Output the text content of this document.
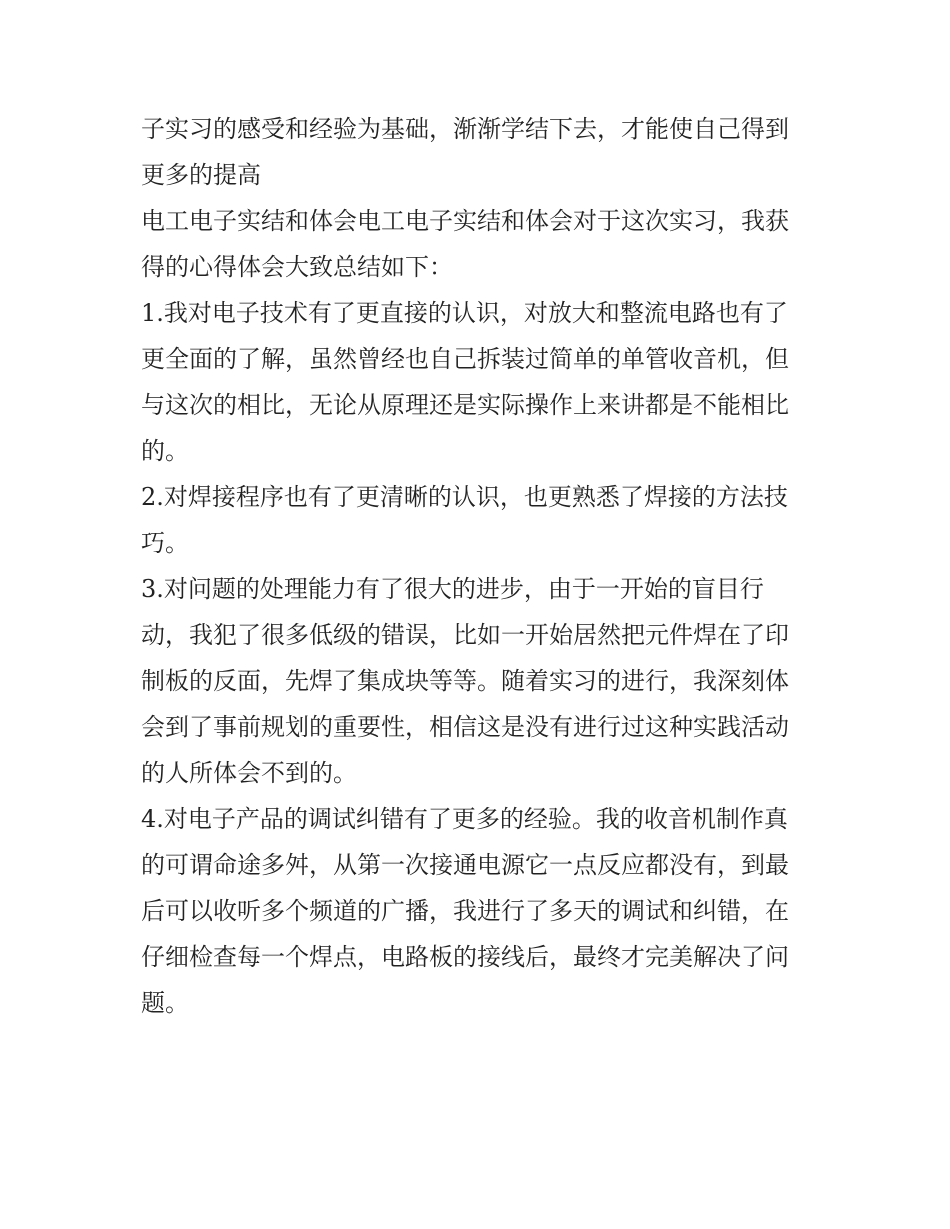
子实习的感受和经验为基础，渐渐学结下去，才能使自己得到
更多的提高
电工电子实结和体会电工电子实结和体会对于这次实习，我获
得的心得体会大致总结如下：
1.我对电子技术有了更直接的认识，对放大和整流电路也有了
更全面的了解，虽然曾经也自己拆装过简单的单管收音机，但
与这次的相比，无论从原理还是实际操作上来讲都是不能相比
的。
2.对焊接程序也有了更清晰的认识，也更熟悉了焊接的方法技
巧。
3.对问题的处理能力有了很大的进步，由于一开始的盲目行
动，我犯了很多低级的错误，比如一开始居然把元件焊在了印
制板的反面，先焊了集成块等等。随着实习的进行，我深刻体
会到了事前规划的重要性，相信这是没有进行过这种实践活动
的人所体会不到的。
4.对电子产品的调试纠错有了更多的经验。我的收音机制作真
的可谓命途多舛，从第一次接通电源它一点反应都没有，到最
后可以收听多个频道的广播，我进行了多天的调试和纠错，在
仔细检查每一个焊点，电路板的接线后，最终才完美解决了问
题。
